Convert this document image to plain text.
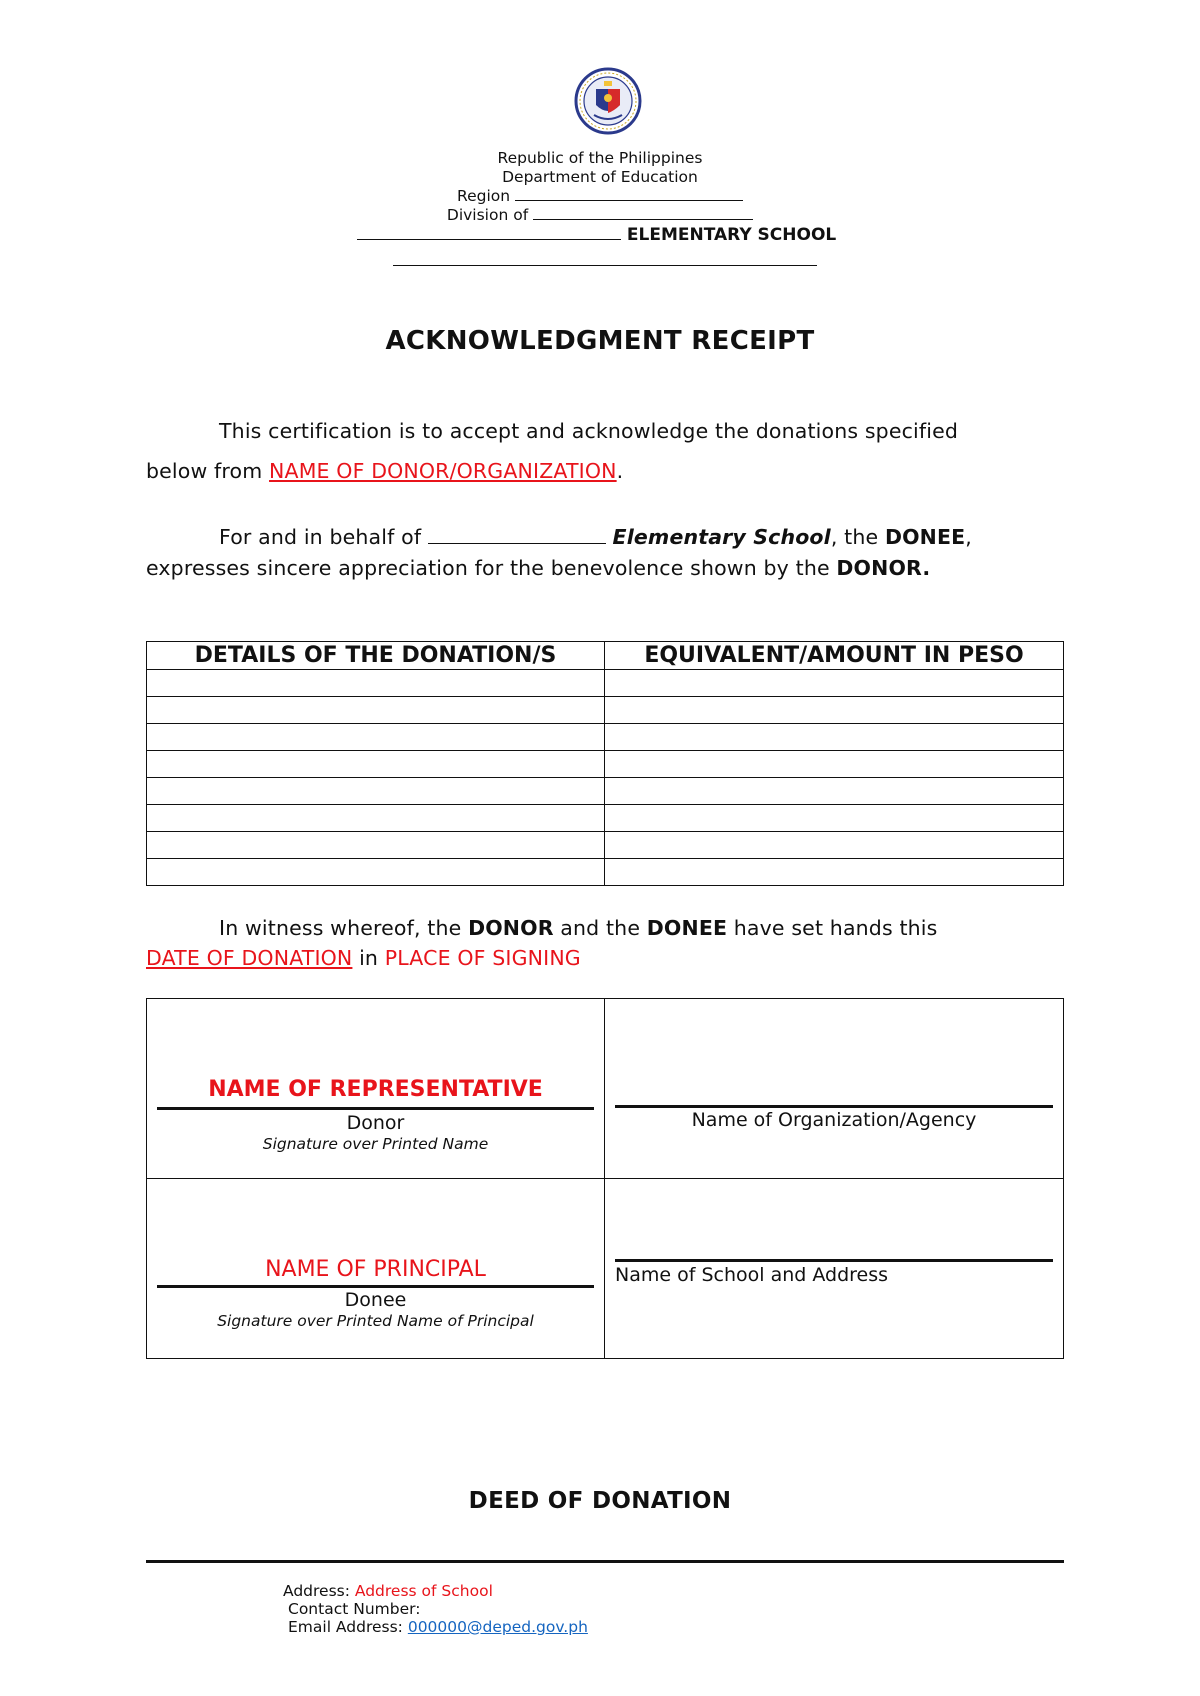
Republic of the Philippines
Department of Education
Region
Division of
ELEMENTARY SCHOOL
ACKNOWLEDGMENT RECEIPT
This certification is to accept and acknowledge the donations specified
below from NAME OF DONOR/ORGANIZATION.
For and in behalf of	Elementary School, the DONEE,
expresses sincere appreciation for the benevolence shown by the DONOR.
DETAILS OF THE DONATION/S	EQUIVALENT/AMOUNT IN PESO

In witness whereof, the DONOR and the DONEE have set hands this
DATE OF DONATION in PLACE OF SIGNING
NAME OF REPRESENTATIVE
Donor
Signature over Printed Name	Name of Organization/Agency

NAME OF PRINCIPAL
Donee
Signature over Printed Name of Principal	Name of School and Address
DEED OF DONATION
Address: Address of School
Contact Number:
Email Address: 000000@deped.gov.ph
